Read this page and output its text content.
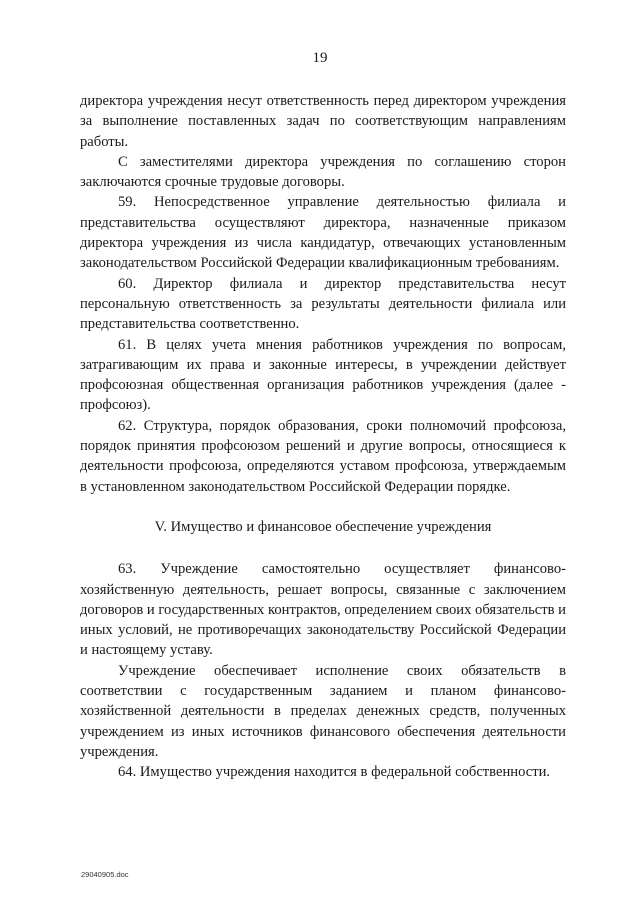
19

директора учреждения несут ответственность перед директором учреждения за выполнение поставленных задач по соответствующим направлениям работы.

С заместителями директора учреждения по соглашению сторон заключаются срочные трудовые договоры.

59. Непосредственное управление деятельностью филиала и представительства осуществляют директора, назначенные приказом директора учреждения из числа кандидатур, отвечающих установленным законодательством Российской Федерации квалификационным требованиям.

60. Директор филиала и директор представительства несут персональную ответственность за результаты деятельности филиала или представительства соответственно.

61. В целях учета мнения работников учреждения по вопросам, затрагивающим их права и законные интересы, в учреждении действует профсоюзная общественная организация работников учреждения (далее - профсоюз).

62. Структура, порядок образования, сроки полномочий профсоюза, порядок принятия профсоюзом решений и другие вопросы, относящиеся к деятельности профсоюза, определяются уставом профсоюза, утверждаемым в установленном законодательством Российской Федерации порядке.

V. Имущество и финансовое обеспечение учреждения

63. Учреждение самостоятельно осуществляет финансово-хозяйственную деятельность, решает вопросы, связанные с заключением договоров и государственных контрактов, определением своих обязательств и иных условий, не противоречащих законодательству Российской Федерации и настоящему уставу.

Учреждение обеспечивает исполнение своих обязательств в соответствии с государственным заданием и планом финансово-хозяйственной деятельности в пределах денежных средств, полученных учреждением из иных источников финансового обеспечения деятельности учреждения.

64. Имущество учреждения находится в федеральной собственности.

29040905.doc
